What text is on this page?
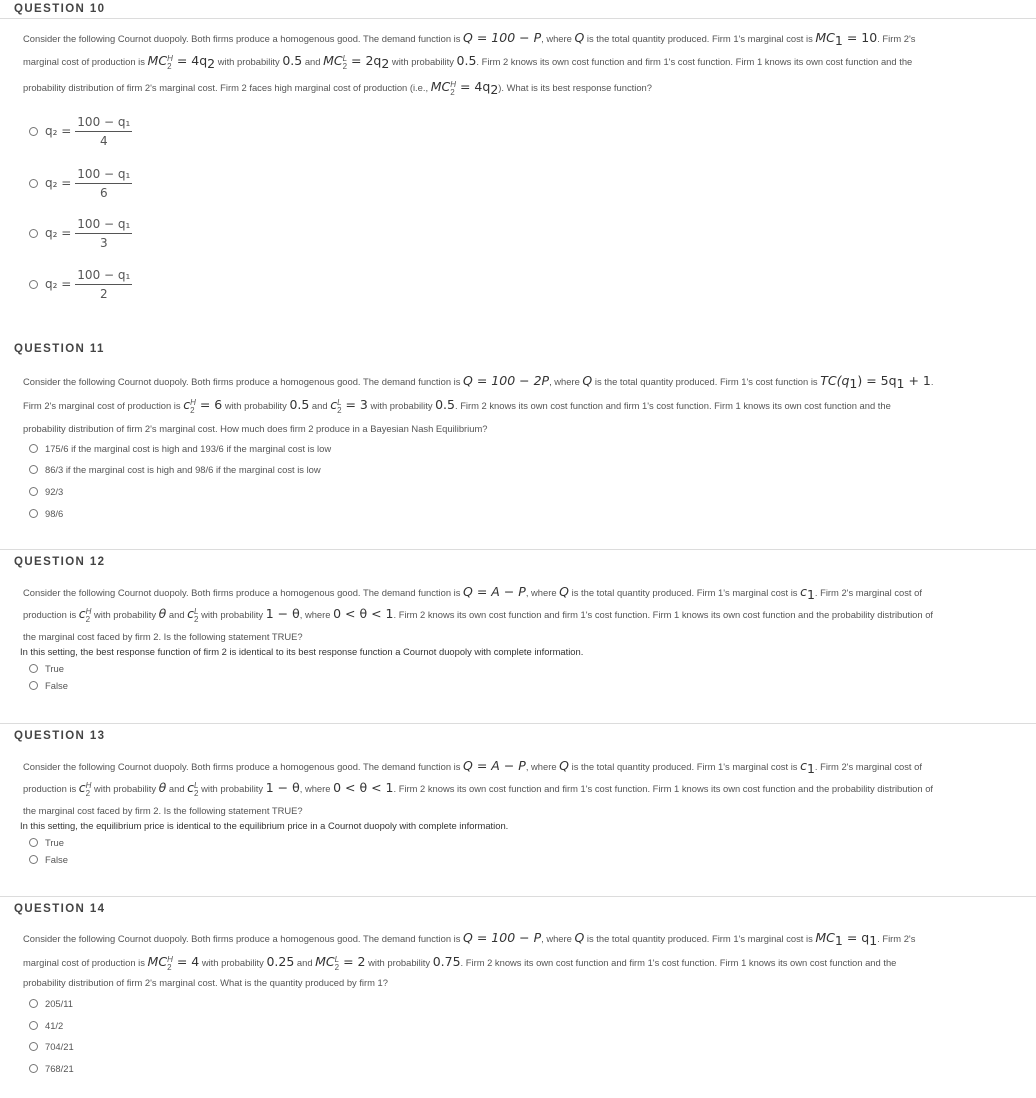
QUESTION 10
Consider the following Cournot duopoly. Both firms produce a homogenous good. The demand function is Q = 100 − P, where Q is the total quantity produced. Firm 1's marginal cost is $MC_1 = 10$. Firm 2's
marginal cost of production is MC H
$2 = 4q_2$ with probability 0.5 and MC L
$2 = 2q_2$ with probability 0.5. Firm 2 knows its own cost function and firm 1's cost function. Firm 1 knows its own cost function and the
probability distribution of firm 2's marginal cost. Firm 2 faces high marginal cost of production (i.e., MC H
$2 = 4q_2$). What is its best response function?
$q_2 = \frac{\text{100 − q₁}}{4}$
$q_2 = \frac{\text{100 − q₁}}{6}$
$q_2 = \frac{\text{100 − q₁}}{3}$
$q_2 = \frac{\text{100 − q₁}}{2}$
QUESTION 11
Consider the following Cournot duopoly. Both firms produce a homogenous good. The demand function is Q = 100 − 2P, where Q is the total quantity produced. Firm 1's cost function is $TC(q_1) = 5q_1 + 1$.
Firm 2's marginal cost of production is c H
2 = 6 with probability 0.5 and c L
2 = 3 with probability 0.5. Firm 2 knows its own cost function and firm 1's cost function. Firm 1 knows its own cost function and the
probability distribution of firm 2's marginal cost. How much does firm 2 produce in a Bayesian Nash Equilibrium?
175/6 if the marginal cost is high and 193/6 if the marginal cost is low
86/3 if the marginal cost is high and 98/6 if the marginal cost is low
92/3
98/6
QUESTION 12
Consider the following Cournot duopoly. Both firms produce a homogenous good. The demand function is Q = A − P, where Q is the total quantity produced. Firm 1's marginal cost is $c_1$. Firm 2's marginal cost of
production is c H
2 with probability θ and c L
2 with probability 1 − θ, where 0 < θ < 1. Firm 2 knows its own cost function and firm 1's cost function. Firm 1 knows its own cost function and the probability distribution of
the marginal cost faced by firm 2. Is the following statement TRUE?
In this setting, the best response function of firm 2 is identical to its best response function a Cournot duopoly with complete information.
True
False
QUESTION 13
Consider the following Cournot duopoly. Both firms produce a homogenous good. The demand function is Q = A − P, where Q is the total quantity produced. Firm 1's marginal cost is $c_1$. Firm 2's marginal cost of
production is c H
2 with probability θ and c L
2 with probability 1 − θ, where 0 < θ < 1. Firm 2 knows its own cost function and firm 1's cost function. Firm 1 knows its own cost function and the probability distribution of
the marginal cost faced by firm 2. Is the following statement TRUE?
In this setting, the equilibrium price is identical to the equilibrium price in a Cournot duopoly with complete information.
True
False
QUESTION 14
Consider the following Cournot duopoly. Both firms produce a homogenous good. The demand function is Q = 100 − P, where Q is the total quantity produced. Firm 1's marginal cost is $MC_1 = q_1$. Firm 2's
marginal cost of production is MC H
2 = 4 with probability 0.25 and MC L
2 = 2 with probability 0.75. Firm 2 knows its own cost function and firm 1's cost function. Firm 1 knows its own cost function and the
probability distribution of firm 2's marginal cost. What is the quantity produced by firm 1?
205/11
41/2
704/21
768/21
